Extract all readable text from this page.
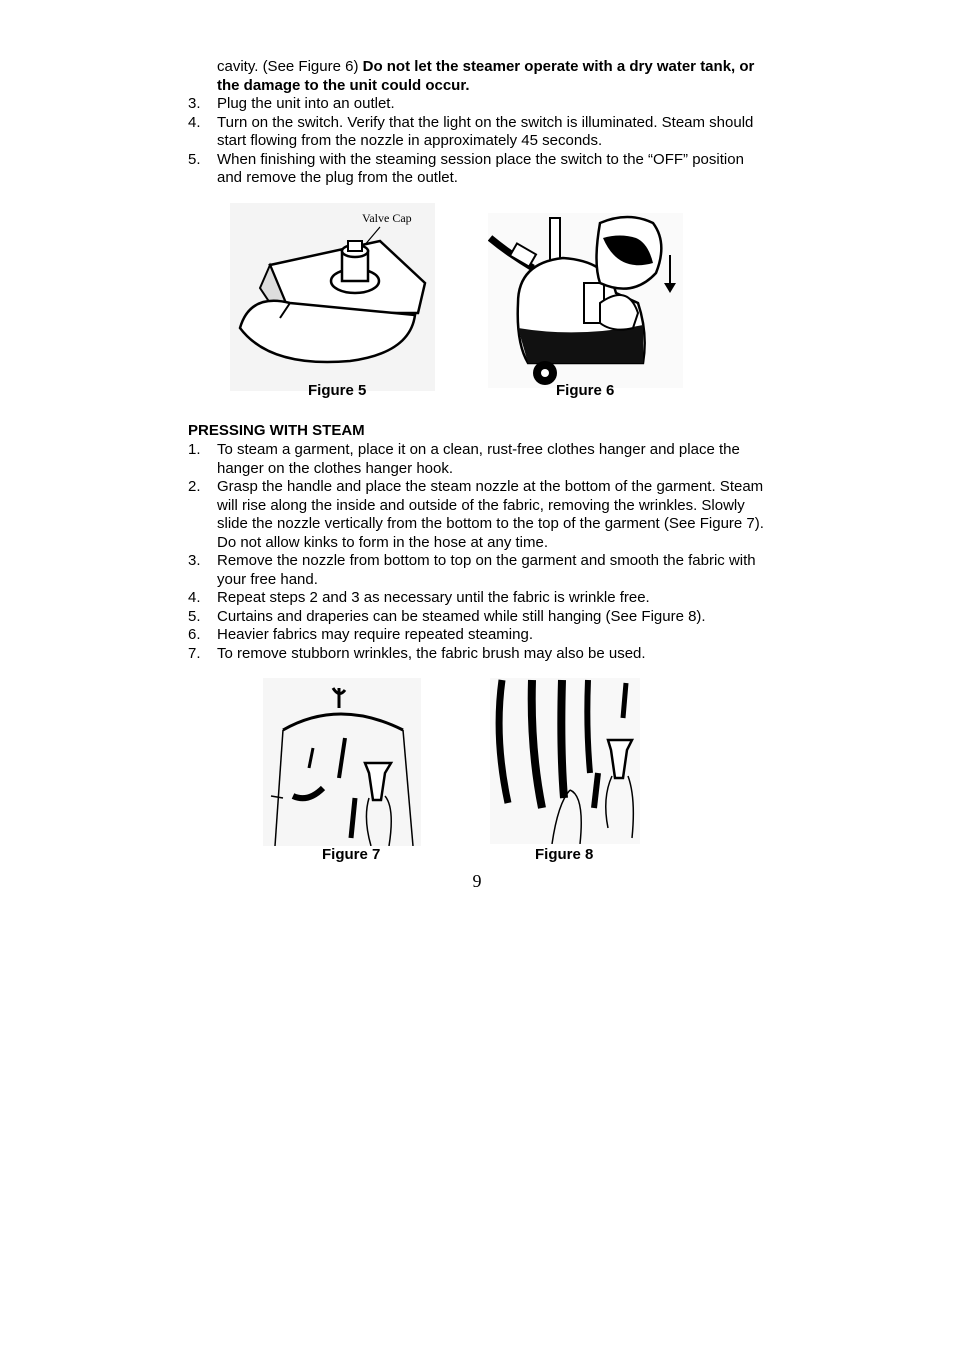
cavity. (See Figure 6) Do not let the steamer operate with a dry water tank, or the damage to the unit could occur.
3. Plug the unit into an outlet.
4. Turn on the switch. Verify that the light on the switch is illuminated. Steam should start flowing from the nozzle in approximately 45 seconds.
5. When finishing with the steaming session place the switch to the “OFF” position and remove the plug from the outlet.
Valve Cap
Figure 5	Figure 6
PRESSING WITH STEAM
1. To steam a garment, place it on a clean, rust-free clothes hanger and place the hanger on the clothes hanger hook.
2. Grasp the handle and place the steam nozzle at the bottom of the garment. Steam will rise along the inside and outside of the fabric, removing the wrinkles. Slowly slide the nozzle vertically from the bottom to the top of the garment (See Figure 7). Do not allow kinks to form in the hose at any time.
3. Remove the nozzle from bottom to top on the garment and smooth the fabric with your free hand.
4. Repeat steps 2 and 3 as necessary until the fabric is wrinkle free.
5. Curtains and draperies can be steamed while still hanging (See Figure 8).
6. Heavier fabrics may require repeated steaming.
7. To remove stubborn wrinkles, the fabric brush may also be used.
Figure 7	Figure 8
9
